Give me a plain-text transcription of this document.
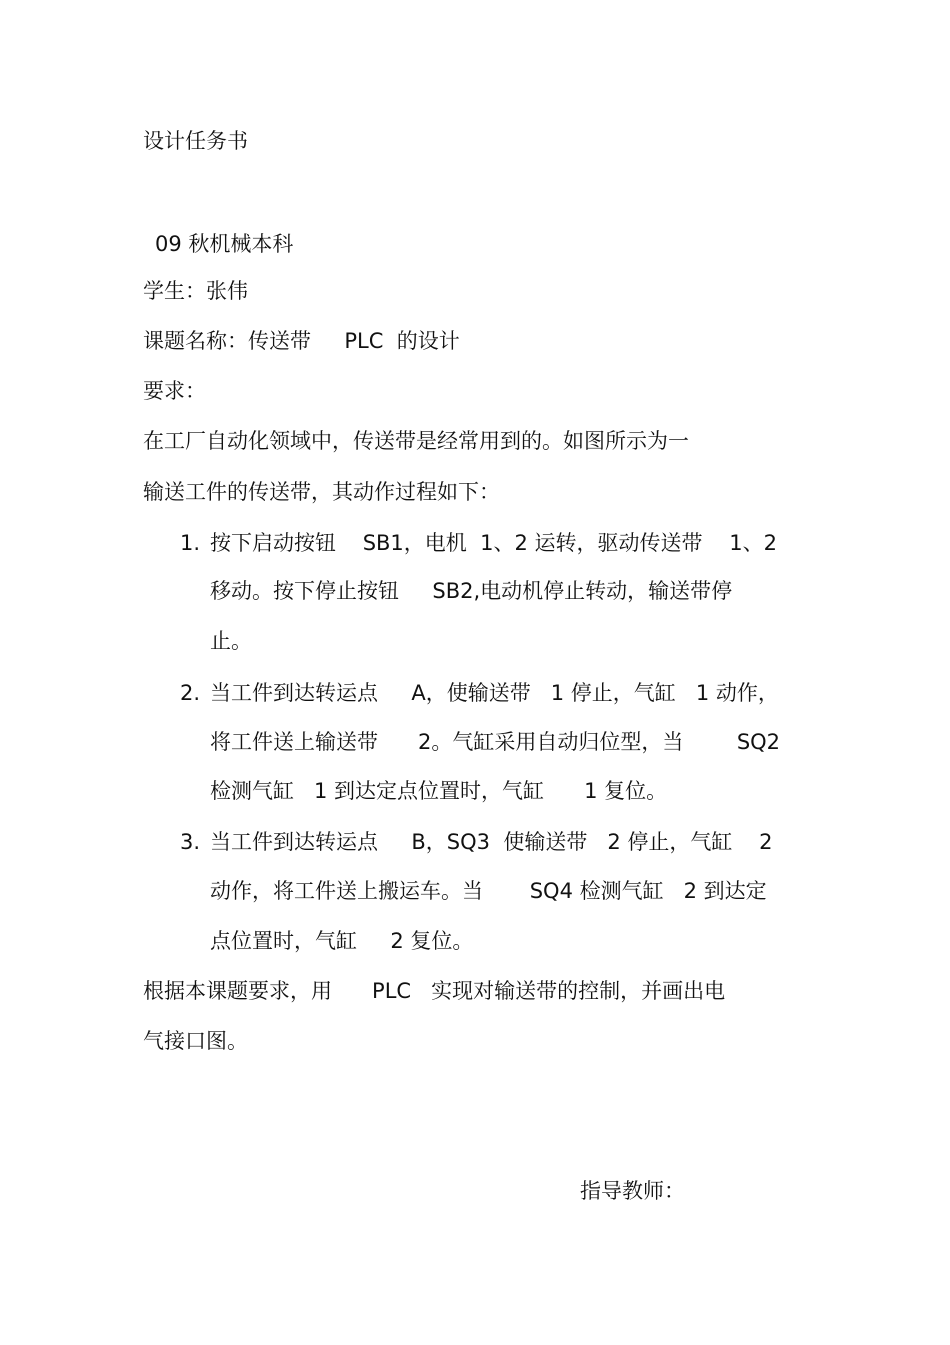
设计任务书
09 秋机械本科
学生：张伟
课题名称：传送带     PLC  的设计
要求：
在工厂自动化领域中，传送带是经常用到的。如图所示为一
输送工件的传送带，其动作过程如下：
1. 按下启动按钮    SB1，电机  1、2 运转，驱动传送带    1、2
移动。按下停止按钮     SB2,电动机停止转动，输送带停
止。
2. 当工件到达转运点     A，使输送带   1 停止，气缸   1 动作，
将工件送上输送带      2。气缸采用自动归位型，当        SQ2
检测气缸   1 到达定点位置时，气缸      1 复位。
3. 当工件到达转运点     B，SQ3  使输送带   2 停止，气缸    2
动作，将工件送上搬运车。当       SQ4 检测气缸   2 到达定
点位置时，气缸     2 复位。
根据本课题要求，用      PLC   实现对输送带的控制，并画出电
气接口图。
指导教师：
